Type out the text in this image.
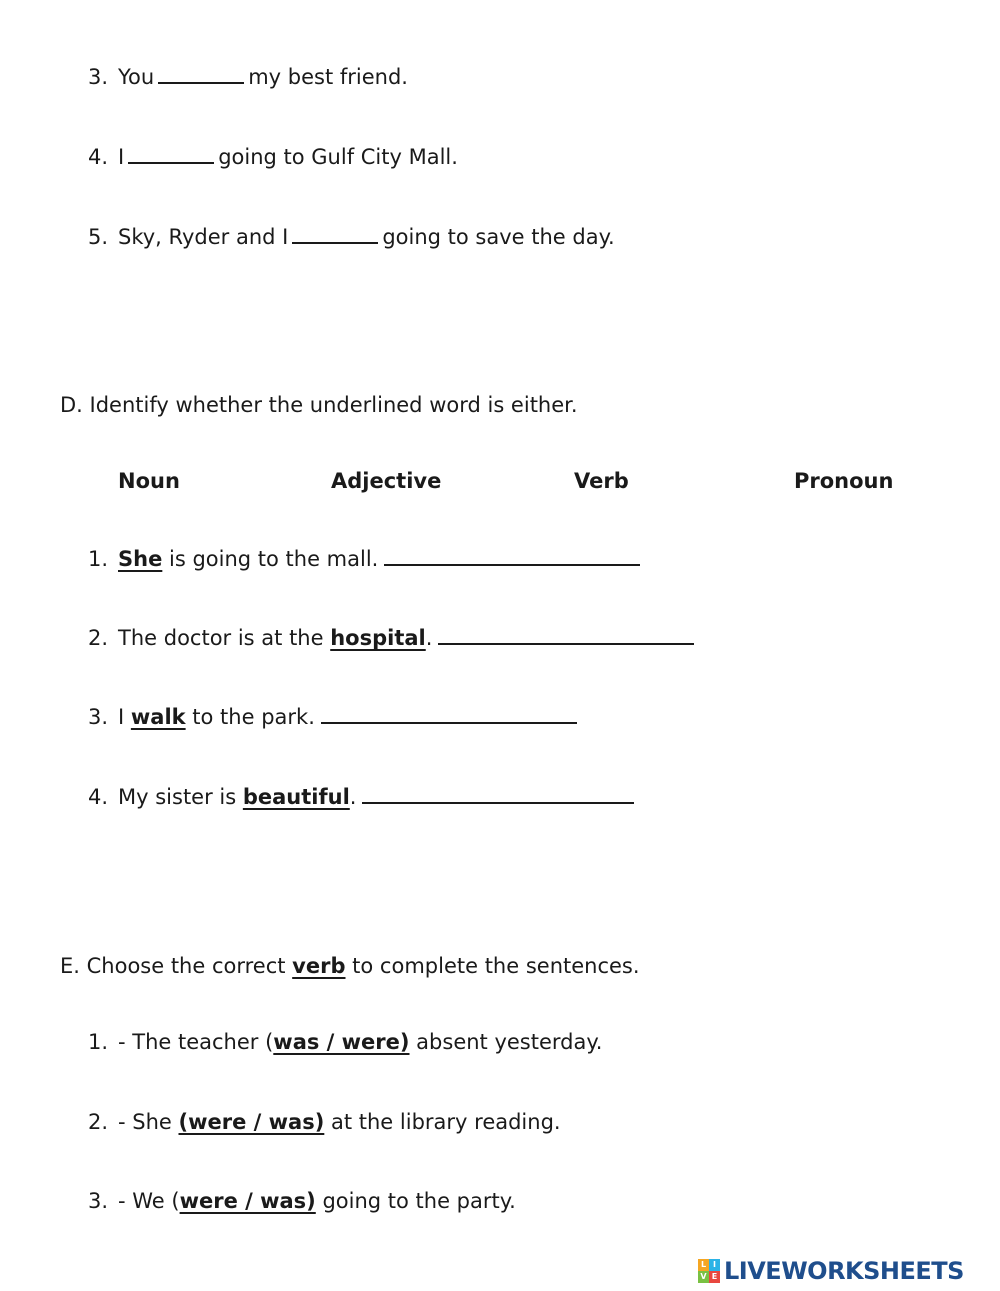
3. You	my best friend.
4. I	going to Gulf City Mall.
5. Sky, Ryder and I	going to save the day.
D. Identify whether the underlined word is either.
Noun	Adjective	Verb	Pronoun
1. She is going to the mall.
2. The doctor is at the hospital.
3. I walk to the park.
4. My sister is beautiful.
E. Choose the correct verb to complete the sentences.
1. - The teacher (was / were) absent yesterday.
2. - She (were / was) at the library reading.
3. - We (were / was) going to the party.
L I
V E LIVEWORKSHEETS
